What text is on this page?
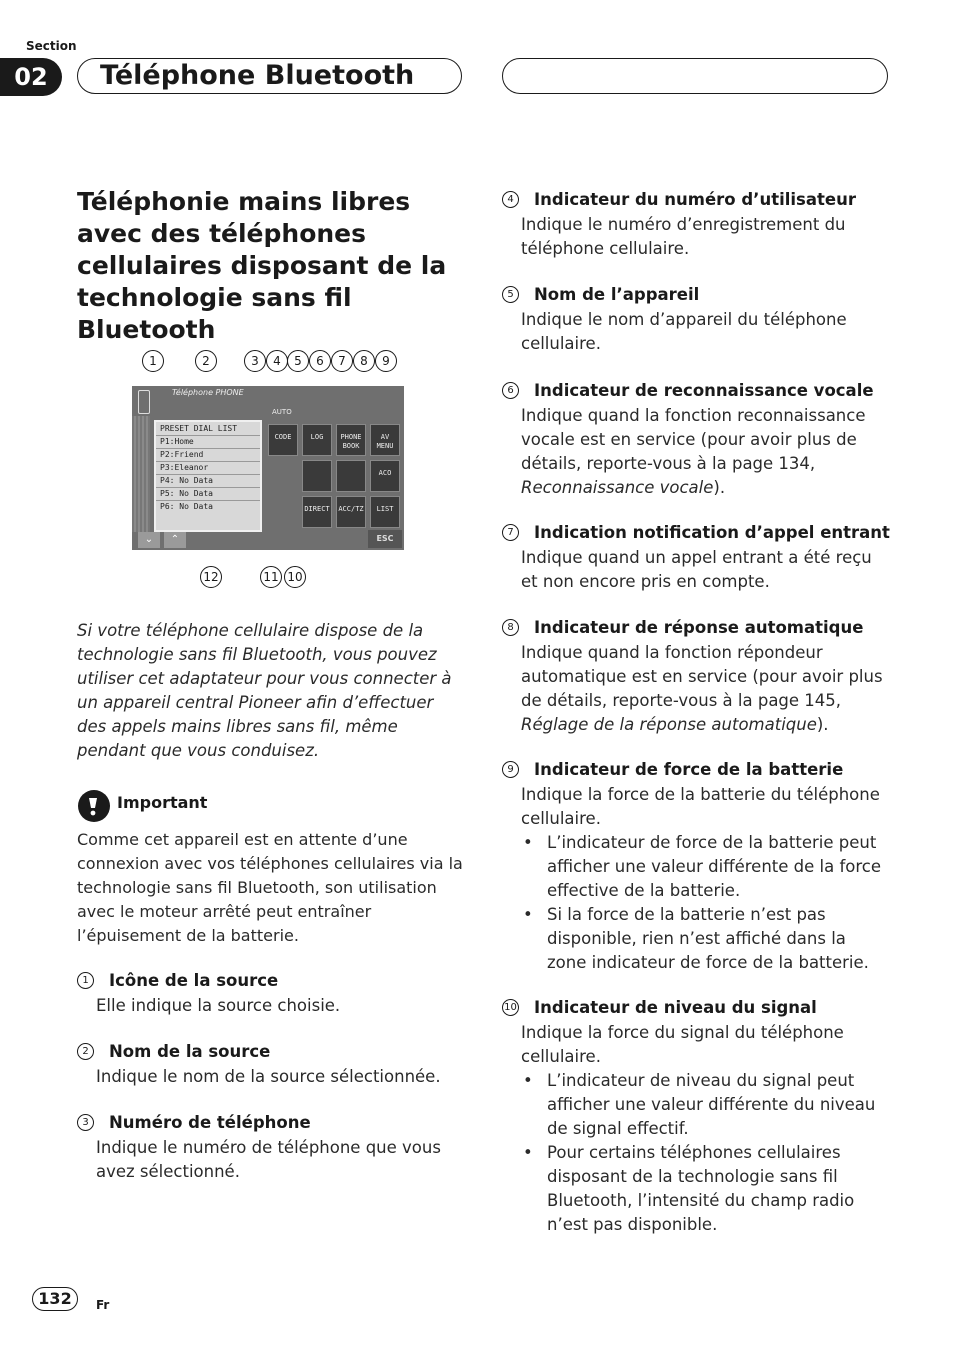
Section
02	Téléphone Bluetooth
Téléphonie mains libres avec des téléphones cellulaires disposant de la technologie sans fil Bluetooth
1	2	3	4	5	6	7	8	9
Téléphone PHONE
AUTO
PRESET DIAL LIST
P1:Home
P2:Friend
P3:Eleanor
P4: No Data
P5: No Data
P6: No Data
CODE	LOG	PHONE BOOK
AV MENU
ACO
DIRECT	ACC/TZ	LIST
⌄	⌃	ESC
12	11 10

Si votre téléphone cellulaire dispose de la technologie sans fil Bluetooth, vous pouvez utiliser cet adaptateur pour vous connecter à un appareil central Pioneer afin d’effectuer des appels mains libres sans fil, même pendant que vous conduisez.

Important

Comme cet appareil est en attente d’une connexion avec vos téléphones cellulaires via la technologie sans fil Bluetooth, son utilisation avec le moteur arrêté peut entraîner l’épuisement de la batterie.

1	Icône de la source

Elle indique la source choisie.

2	Nom de la source

Indique le nom de la source sélectionnée.

3	Numéro de téléphone

Indique le numéro de téléphone que vous avez sélectionné.

4	Indicateur du numéro d’utilisateur

Indique le numéro d’enregistrement du téléphone cellulaire.

5	Nom de l’appareil

Indique le nom d’appareil du téléphone cellulaire.

6	Indicateur de reconnaissance vocale

Indique quand la fonction reconnaissance vocale est en service (pour avoir plus de détails, reporte-vous à la page 134, Reconnaissance vocale).

7	Indication notification d’appel entrant

Indique quand un appel entrant a été reçu et non encore pris en compte.

8	Indicateur de réponse automatique

Indique quand la fonction répondeur automatique est en service (pour avoir plus de détails, reporte-vous à la page 145, Réglage de la réponse automatique).

9	Indicateur de force de la batterie

Indique la force de la batterie du téléphone cellulaire.

• L’indicateur de force de la batterie peut afficher une valeur différente de la force effective de la batterie.
• Si la force de la batterie n’est pas disponible, rien n’est affiché dans la zone indicateur de force de la batterie.
10 Indicateur de niveau du signal

Indique la force du signal du téléphone cellulaire.

• L’indicateur de niveau du signal peut afficher une valeur différente du niveau de signal effectif.
• Pour certains téléphones cellulaires disposant de la technologie sans fil Bluetooth, l’intensité du champ radio n’est pas disponible.
132	Fr
